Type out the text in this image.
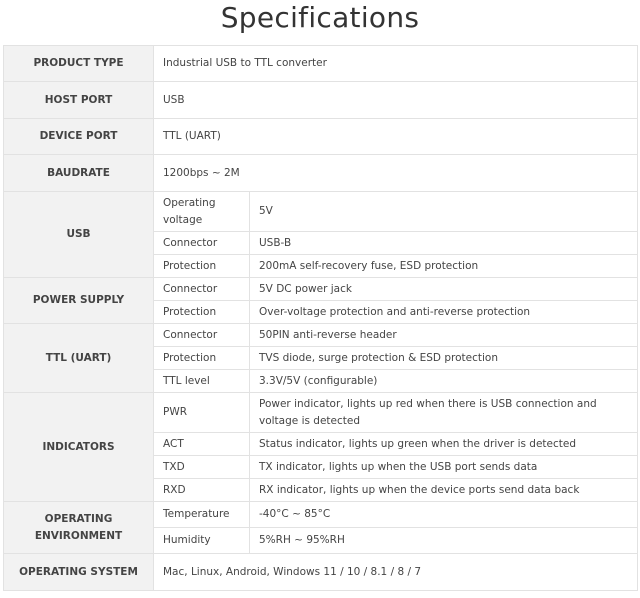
Specifications
PRODUCT TYPE	Industrial USB to TTL converter	
HOST PORT	USB	
DEVICE PORT	TTL (UART)	
BAUDRATE	1200bps ~ 2M	
USB	Operating voltage	5V
	Connector	USB-B
	Protection	200mA self-recovery fuse, ESD protection
POWER SUPPLY	Connector	5V DC power jack
	Protection	Over-voltage protection and anti-reverse protection
TTL (UART)	Connector	50PIN anti-reverse header
	Protection	TVS diode, surge protection & ESD protection
	TTL level	3.3V/5V (configurable)
INDICATORS	PWR	Power indicator, lights up red when there is USB connection and voltage is detected
	ACT	Status indicator, lights up green when the driver is detected
	TXD	TX indicator, lights up when the USB port sends data
	RXD	RX indicator, lights up when the device ports send data back
OPERATING ENVIRONMENT	Temperature	-40°C ~ 85°C
	Humidity	5%RH ~ 95%RH
OPERATING SYSTEM	Mac, Linux, Android, Windows 11 / 10 / 8.1 / 8 / 7	
